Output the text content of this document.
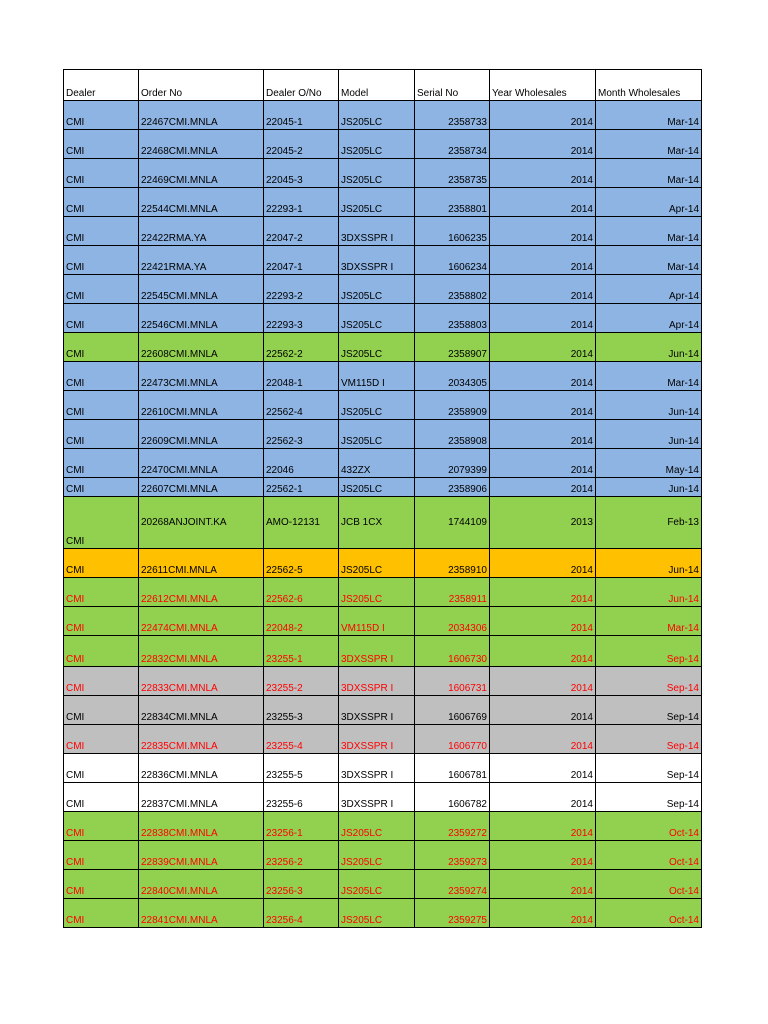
Dealer	Order No	Dealer O/No	Model	Serial No	Year Wholesales	Month Wholesales
CMI	22467CMI.MNLA	22045-1	JS205LC	2358733	2014	Mar-14
CMI	22468CMI.MNLA	22045-2	JS205LC	2358734	2014	Mar-14
CMI	22469CMI.MNLA	22045-3	JS205LC	2358735	2014	Mar-14
CMI	22544CMI.MNLA	22293-1	JS205LC	2358801	2014	Apr-14
CMI	22422RMA.YA	22047-2	3DXSSPR I	1606235	2014	Mar-14
CMI	22421RMA.YA	22047-1	3DXSSPR I	1606234	2014	Mar-14
CMI	22545CMI.MNLA	22293-2	JS205LC	2358802	2014	Apr-14
CMI	22546CMI.MNLA	22293-3	JS205LC	2358803	2014	Apr-14
CMI	22608CMI.MNLA	22562-2	JS205LC	2358907	2014	Jun-14
CMI	22473CMI.MNLA	22048-1	VM115D I	2034305	2014	Mar-14
CMI	22610CMI.MNLA	22562-4	JS205LC	2358909	2014	Jun-14
CMI	22609CMI.MNLA	22562-3	JS205LC	2358908	2014	Jun-14
CMI	22470CMI.MNLA	22046	432ZX	2079399	2014	May-14
CMI	22607CMI.MNLA	22562-1	JS205LC	2358906	2014	Jun-14
CMI	20268ANJOINT.KA	AMO-12131	JCB 1CX	1744109	2013	Feb-13
CMI	22611CMI.MNLA	22562-5	JS205LC	2358910	2014	Jun-14
CMI	22612CMI.MNLA	22562-6	JS205LC	2358911	2014	Jun-14
CMI	22474CMI.MNLA	22048-2	VM115D I	2034306	2014	Mar-14
CMI	22832CMI.MNLA	23255-1	3DXSSPR I	1606730	2014	Sep-14
CMI	22833CMI.MNLA	23255-2	3DXSSPR I	1606731	2014	Sep-14
CMI	22834CMI.MNLA	23255-3	3DXSSPR I	1606769	2014	Sep-14
CMI	22835CMI.MNLA	23255-4	3DXSSPR I	1606770	2014	Sep-14
CMI	22836CMI.MNLA	23255-5	3DXSSPR I	1606781	2014	Sep-14
CMI	22837CMI.MNLA	23255-6	3DXSSPR I	1606782	2014	Sep-14
CMI	22838CMI.MNLA	23256-1	JS205LC	2359272	2014	Oct-14
CMI	22839CMI.MNLA	23256-2	JS205LC	2359273	2014	Oct-14
CMI	22840CMI.MNLA	23256-3	JS205LC	2359274	2014	Oct-14
CMI	22841CMI.MNLA	23256-4	JS205LC	2359275	2014	Oct-14
